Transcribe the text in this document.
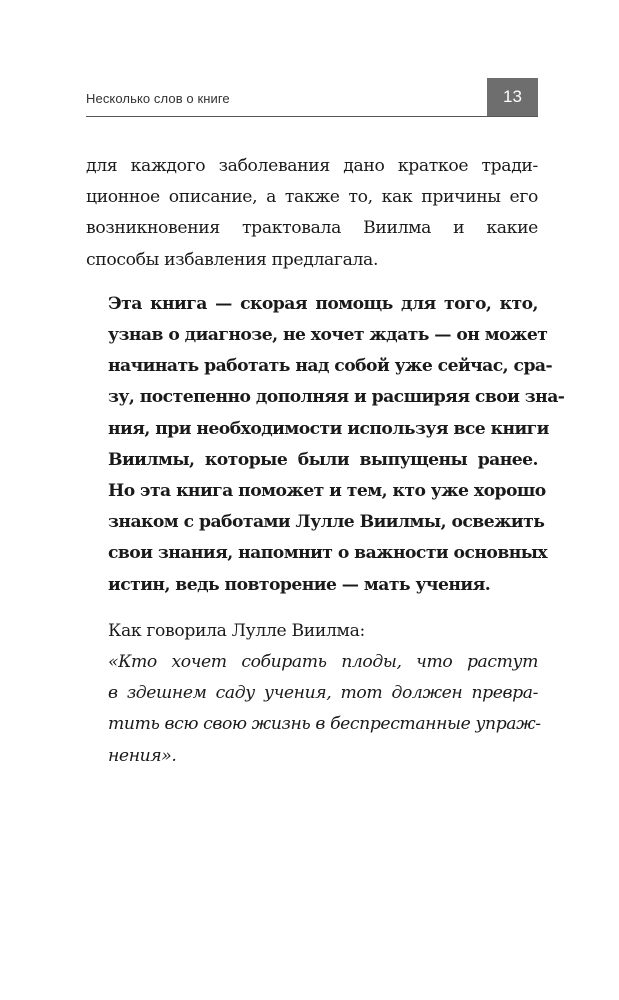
Несколько слов о книге	13

для каждого заболевания дано краткое тради-
ционное описание, а также то, как причины его
возникновения трактовала Виилма и какие
способы избавления предлагала.

Эта книга — скорая помощь для того, кто,
узнав о диагнозе, не хочет ждать — он может
начинать работать над собой уже сейчас, сра-
зу, постепенно дополняя и расширяя свои зна-
ния, при необходимости используя все книги
Виилмы, которые были выпущены ранее.
Но эта книга поможет и тем, кто уже хорошо
знаком с работами Лулле Виилмы, освежить
свои знания, напомнит о важности основных
истин, ведь повторение — мать учения.

Как говорила Лулле Виилма:

«Кто хочет собирать плоды, что растут
в здешнем саду учения, тот должен превра-
тить всю свою жизнь в беспрестанные упраж-
нения».
